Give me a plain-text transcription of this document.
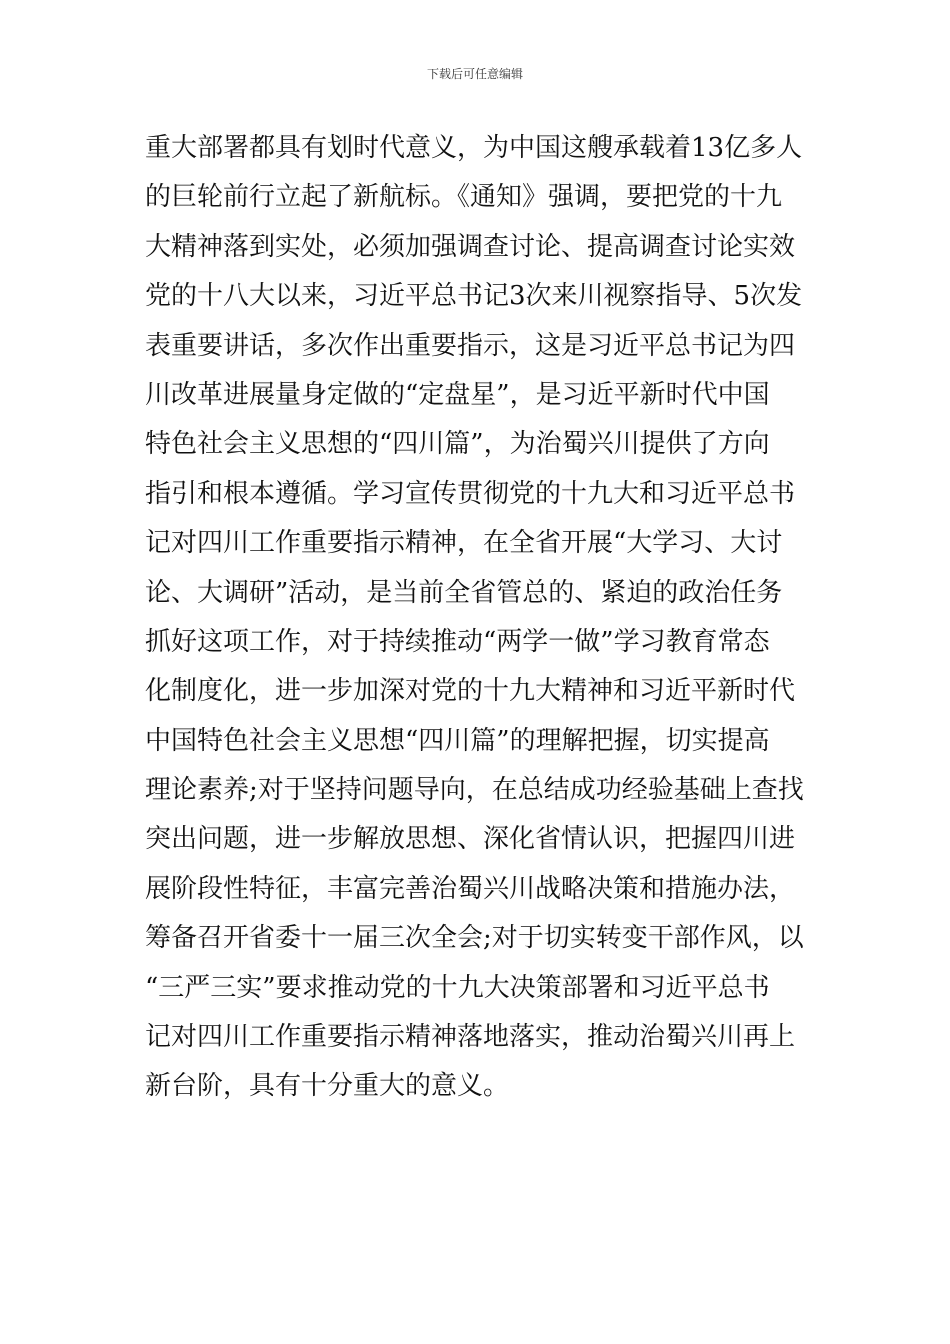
下载后可任意编辑
重大部署都具有划时代意义，为中国这艘承载着13亿多人
的巨轮前行立起了新航标。《通知》强调，要把党的十九
大精神落到实处，必须加强调查讨论、提高调查讨论实效
党的十八大以来，习近平总书记3次来川视察指导、5次发
表重要讲话，多次作出重要指示，这是习近平总书记为四
川改革进展量身定做的“定盘星”，是习近平新时代中国
特色社会主义思想的“四川篇”，为治蜀兴川提供了方向
指引和根本遵循。学习宣传贯彻党的十九大和习近平总书
记对四川工作重要指示精神，在全省开展“大学习、大讨
论、大调研”活动，是当前全省管总的、紧迫的政治任务
抓好这项工作，对于持续推动“两学一做”学习教育常态
化制度化，进一步加深对党的十九大精神和习近平新时代
中国特色社会主义思想“四川篇”的理解把握，切实提高
理论素养;对于坚持问题导向，在总结成功经验基础上查找
突出问题，进一步解放思想、深化省情认识，把握四川进
展阶段性特征，丰富完善治蜀兴川战略决策和措施办法，
筹备召开省委十一届三次全会;对于切实转变干部作风，以
“三严三实”要求推动党的十九大决策部署和习近平总书
记对四川工作重要指示精神落地落实，推动治蜀兴川再上
新台阶，具有十分重大的意义。
